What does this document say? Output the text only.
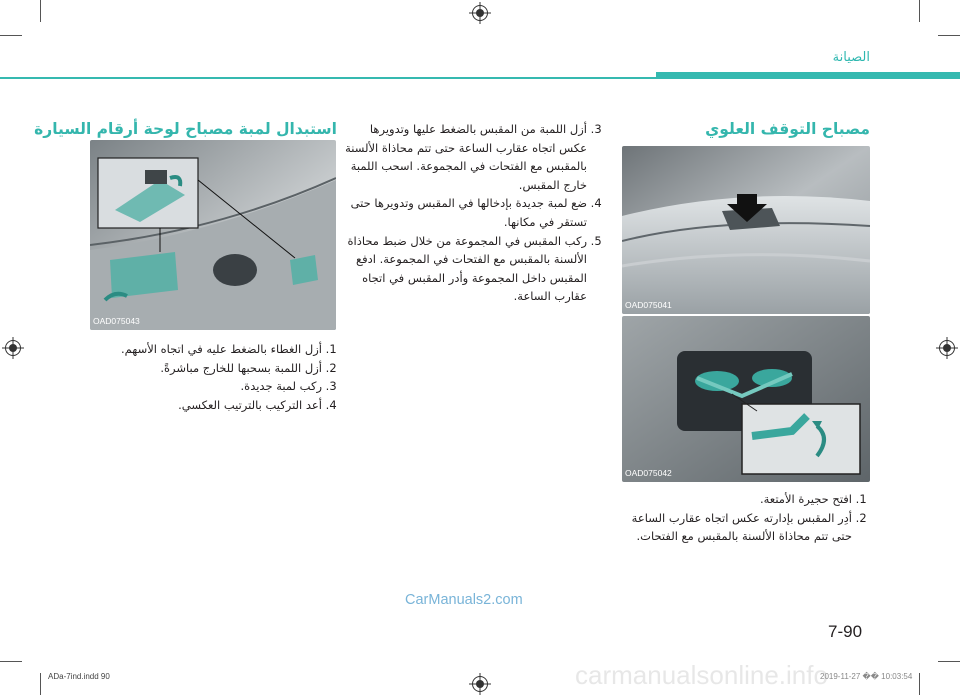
الصيانة
مصباح التوقف العلوي
OAD075041
OAD075042
1. افتح حجيرة الأمتعة.
2. أدِر المقبس بإدارته عكس اتجاه عقارب الساعة حتى تتم محاذاة الألسنة بالمقبس مع الفتحات.
3. أزل اللمبة من المقبس بالضغط عليها وتدويرها عكس اتجاه عقارب الساعة حتى تتم محاذاة الألسنة بالمقبس مع الفتحات في المجموعة. اسحب اللمبة خارج المقبس.
4. ضع لمبة جديدة بإدخالها في المقبس وتدويرها حتى تستقر في مكانها.
5. ركب المقبس في المجموعة من خلال ضبط محاذاة الألسنة بالمقبس مع الفتحات في المجموعة. ادفع المقبس داخل المجموعة وأدر المقبس في اتجاه عقارب الساعة.
استبدال لمبة مصباح لوحة أرقام السيارة
OAD075043
1. أزل الغطاء بالضغط عليه في اتجاه الأسهم.
2. أزل اللمبة بسحبها للخارج مباشرةً.
3. ركب لمبة جديدة.
4. أعد التركيب بالترتيب العكسي.
CarManuals2.com
7-90
ADa-7ind.indd 90	carmanualsonline.info
2019-11-27 �� 10:03:54
